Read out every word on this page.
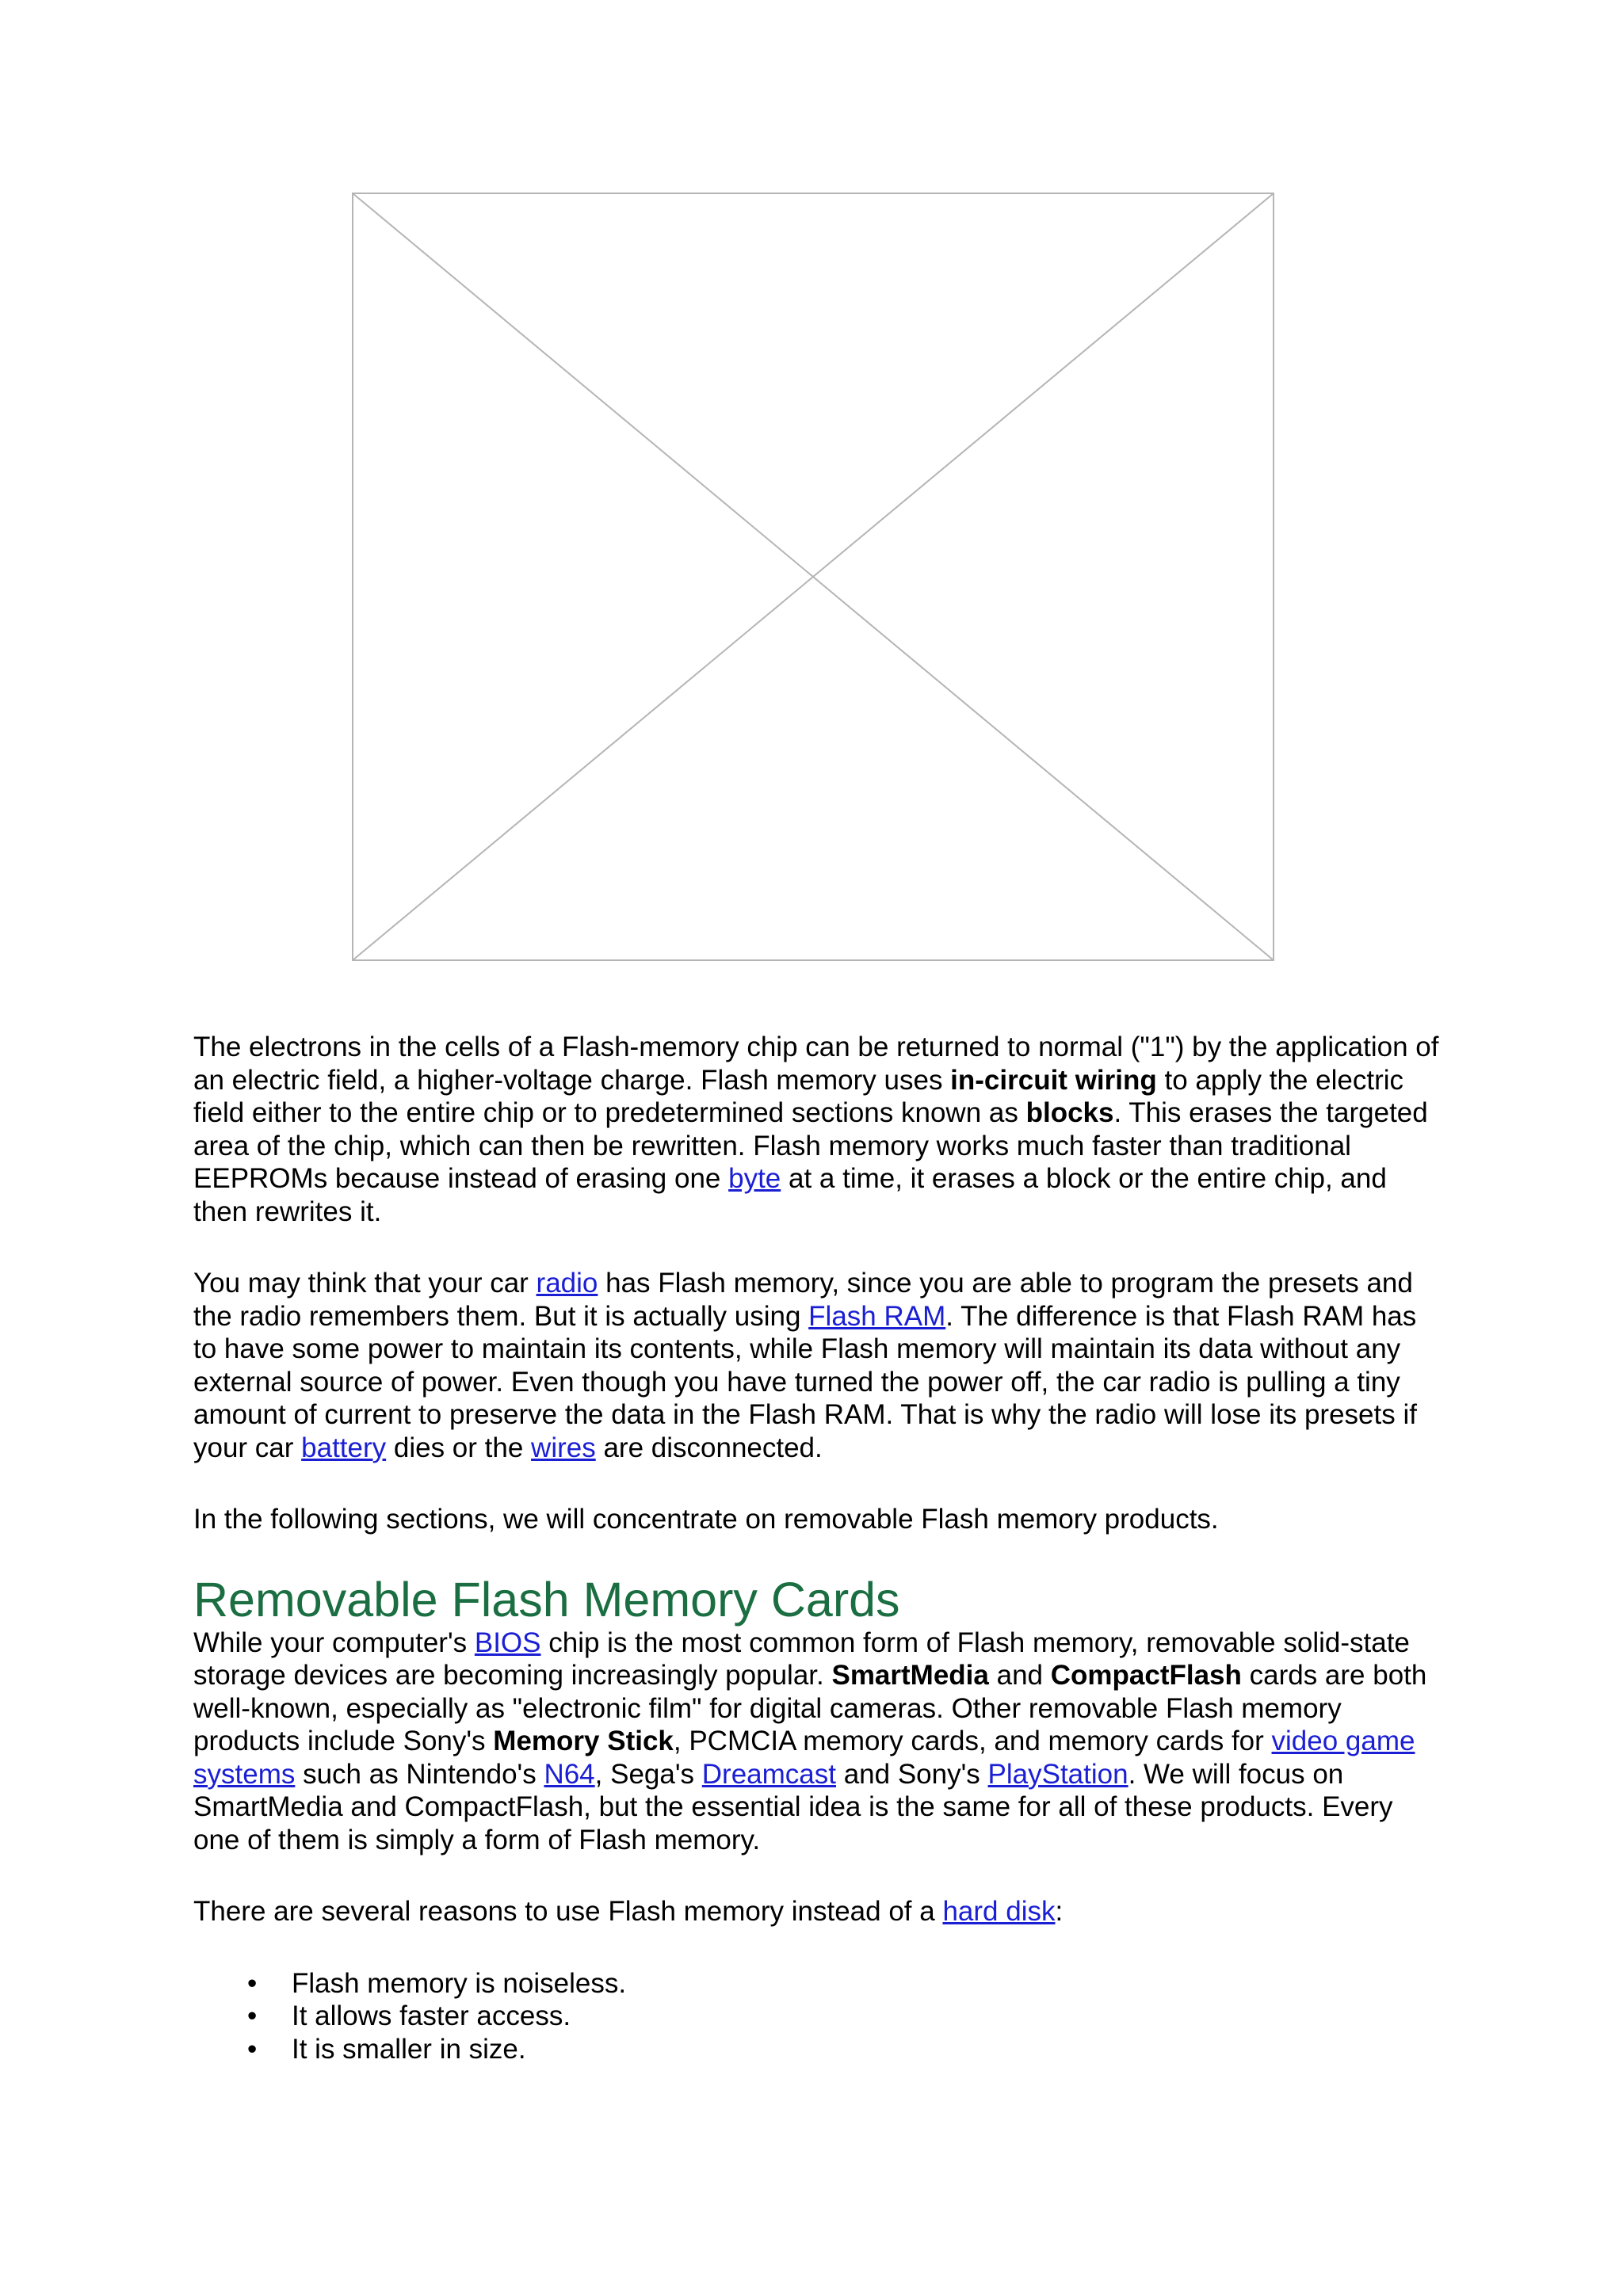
The electrons in the cells of a Flash-memory chip can be returned to normal ("1") by the application of an electric field, a higher-voltage charge. Flash memory uses in-circuit wiring to apply the electric field either to the entire chip or to predetermined sections known as blocks. This erases the targeted area of the chip, which can then be rewritten. Flash memory works much faster than traditional EEPROMs because instead of erasing one byte at a time, it erases a block or the entire chip, and then rewrites it.

You may think that your car radio has Flash memory, since you are able to program the presets and the radio remembers them. But it is actually using Flash RAM. The difference is that Flash RAM has to have some power to maintain its contents, while Flash memory will maintain its data without any external source of power. Even though you have turned the power off, the car radio is pulling a tiny amount of current to preserve the data in the Flash RAM. That is why the radio will lose its presets if your car battery dies or the wires are disconnected.

In the following sections, we will concentrate on removable Flash memory products.

Removable Flash Memory Cards

While your computer's BIOS chip is the most common form of Flash memory, removable solid-state storage devices are becoming increasingly popular. SmartMedia and CompactFlash cards are both well-known, especially as "electronic film" for digital cameras. Other removable Flash memory products include Sony's Memory Stick, PCMCIA memory cards, and memory cards for video game systems such as Nintendo's N64, Sega's Dreamcast and Sony's PlayStation. We will focus on SmartMedia and CompactFlash, but the essential idea is the same for all of these products. Every one of them is simply a form of Flash memory.

There are several reasons to use Flash memory instead of a hard disk:

• Flash memory is noiseless.
• It allows faster access.
• It is smaller in size.
